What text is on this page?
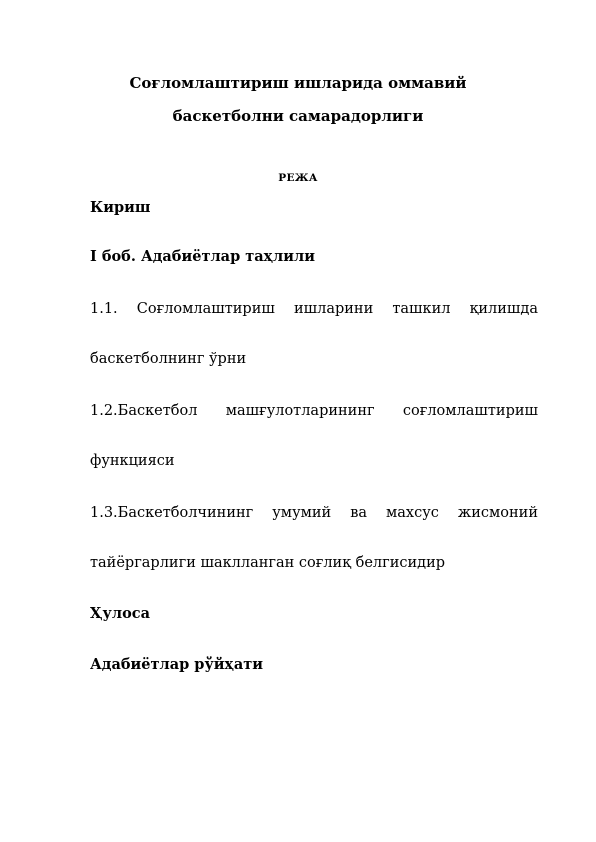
Соғломлаштириш ишларида оммавий
баскетболни самарадорлиги
РЕЖА
Кириш
I боб. Адабиётлар таҳлили
1.1. Соғломлаштириш ишларини ташкил қилишда
баскетболнинг ўрни
1.2.Баскетбол машғулотларининг соғломлаштириш
функцияси
1.3.Баскетболчининг умумий ва махсус жисмоний
тайёргарлиги шаклланган соғлиқ белгисидир
Ҳулоса
Адабиётлар рўйҳати
